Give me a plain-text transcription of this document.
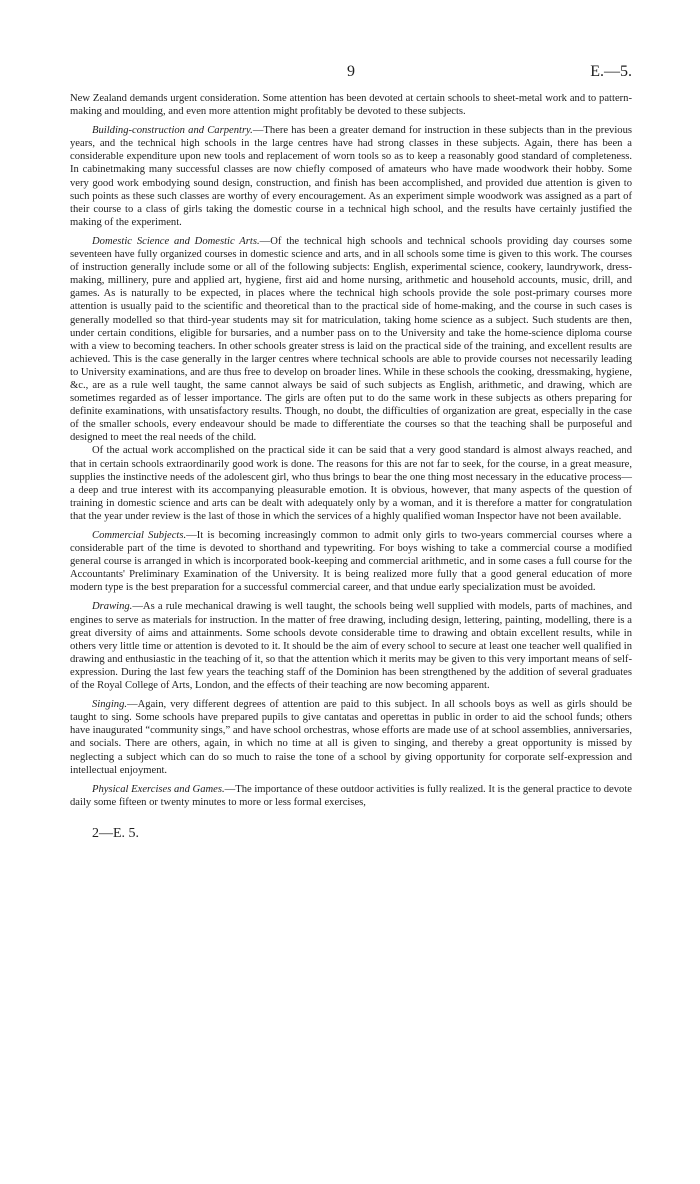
9	E.—5.

New Zealand demands urgent consideration. Some attention has been devoted at certain schools to sheet-metal work and to pattern-making and moulding, and even more attention might profitably be devoted to these subjects.

Building-construction and Carpentry.—There has been a greater demand for instruction in these subjects than in the previous years, and the technical high schools in the large centres have had strong classes in these subjects. Again, there has been a considerable expenditure upon new tools and replacement of worn tools so as to keep a reasonably good standard of completeness. In cabinetmaking many successful classes are now chiefly composed of amateurs who have made woodwork their hobby. Some very good work embodying sound design, construction, and finish has been accomplished, and provided due attention is given to such points as these such classes are worthy of every encouragement. As an experiment simple woodwork was assigned as a part of their course to a class of girls taking the domestic course in a technical high school, and the results have certainly justified the making of the experiment.

Domestic Science and Domestic Arts.—Of the technical high schools and technical schools providing day courses some seventeen have fully organized courses in domestic science and arts, and in all schools some time is given to this work. The courses of instruction generally include some or all of the following subjects: English, experimental science, cookery, laundrywork, dress-making, millinery, pure and applied art, hygiene, first aid and home nursing, arithmetic and household accounts, music, drill, and games. As is naturally to be expected, in places where the technical high schools provide the sole post-primary courses more attention is usually paid to the scientific and theoretical than to the practical side of home-making, and the course in such cases is generally modelled so that third-year students may sit for matriculation, taking home science as a subject. Such students are then, under certain conditions, eligible for bursaries, and a number pass on to the University and take the home-science diploma course with a view to becoming teachers. In other schools greater stress is laid on the practical side of the training, and excellent results are achieved. This is the case generally in the larger centres where technical schools are able to provide courses not necessarily leading to University examinations, and are thus free to develop on broader lines. While in these schools the cooking, dressmaking, hygiene, &c., are as a rule well taught, the same cannot always be said of such subjects as English, arithmetic, and drawing, which are sometimes regarded as of lesser importance. The girls are often put to do the same work in these subjects as others preparing for definite examinations, with unsatisfactory results. Though, no doubt, the difficulties of organization are great, especially in the case of the smaller schools, every endeavour should be made to differentiate the courses so that the teaching shall be purposeful and designed to meet the real needs of the child.

Of the actual work accomplished on the practical side it can be said that a very good standard is almost always reached, and that in certain schools extraordinarily good work is done. The reasons for this are not far to seek, for the course, in a great measure, supplies the instinctive needs of the adolescent girl, who thus brings to bear the one thing most necessary in the educative process—a deep and true interest with its accompanying pleasurable emotion. It is obvious, however, that many aspects of the question of training in domestic science and arts can be dealt with adequately only by a woman, and it is therefore a matter for congratulation that the year under review is the last of those in which the services of a highly qualified woman Inspector have not been available.

Commercial Subjects.—It is becoming increasingly common to admit only girls to two-years commercial courses where a considerable part of the time is devoted to shorthand and typewriting. For boys wishing to take a commercial course a modified general course is arranged in which is incorporated book-keeping and commercial arithmetic, and in some cases a full course for the Accountants' Preliminary Examination of the University. It is being realized more fully that a good general education of more modern type is the best preparation for a successful commercial career, and that undue early specialization must be avoided.

Drawing.—As a rule mechanical drawing is well taught, the schools being well supplied with models, parts of machines, and engines to serve as materials for instruction. In the matter of free drawing, including design, lettering, painting, modelling, there is a great diversity of aims and attainments. Some schools devote considerable time to drawing and obtain excellent results, while in others very little time or attention is devoted to it. It should be the aim of every school to secure at least one teacher well qualified in drawing and enthusiastic in the teaching of it, so that the attention which it merits may be given to this very important means of self-expression. During the last few years the teaching staff of the Dominion has been strengthened by the addition of several graduates of the Royal College of Arts, London, and the effects of their teaching are now becoming apparent.

Singing.—Again, very different degrees of attention are paid to this subject. In all schools boys as well as girls should be taught to sing. Some schools have prepared pupils to give cantatas and operettas in public in order to aid the school funds; others have inaugurated “community sings,” and have school orchestras, whose efforts are made use of at school assemblies, anniversaries, and socials. There are others, again, in which no time at all is given to singing, and thereby a great opportunity is missed by neglecting a subject which can do so much to raise the tone of a school by giving opportunity for corporate self-expression and intellectual enjoyment.

Physical Exercises and Games.—The importance of these outdoor activities is fully realized. It is the general practice to devote daily some fifteen or twenty minutes to more or less formal exercises,

2—E. 5.
